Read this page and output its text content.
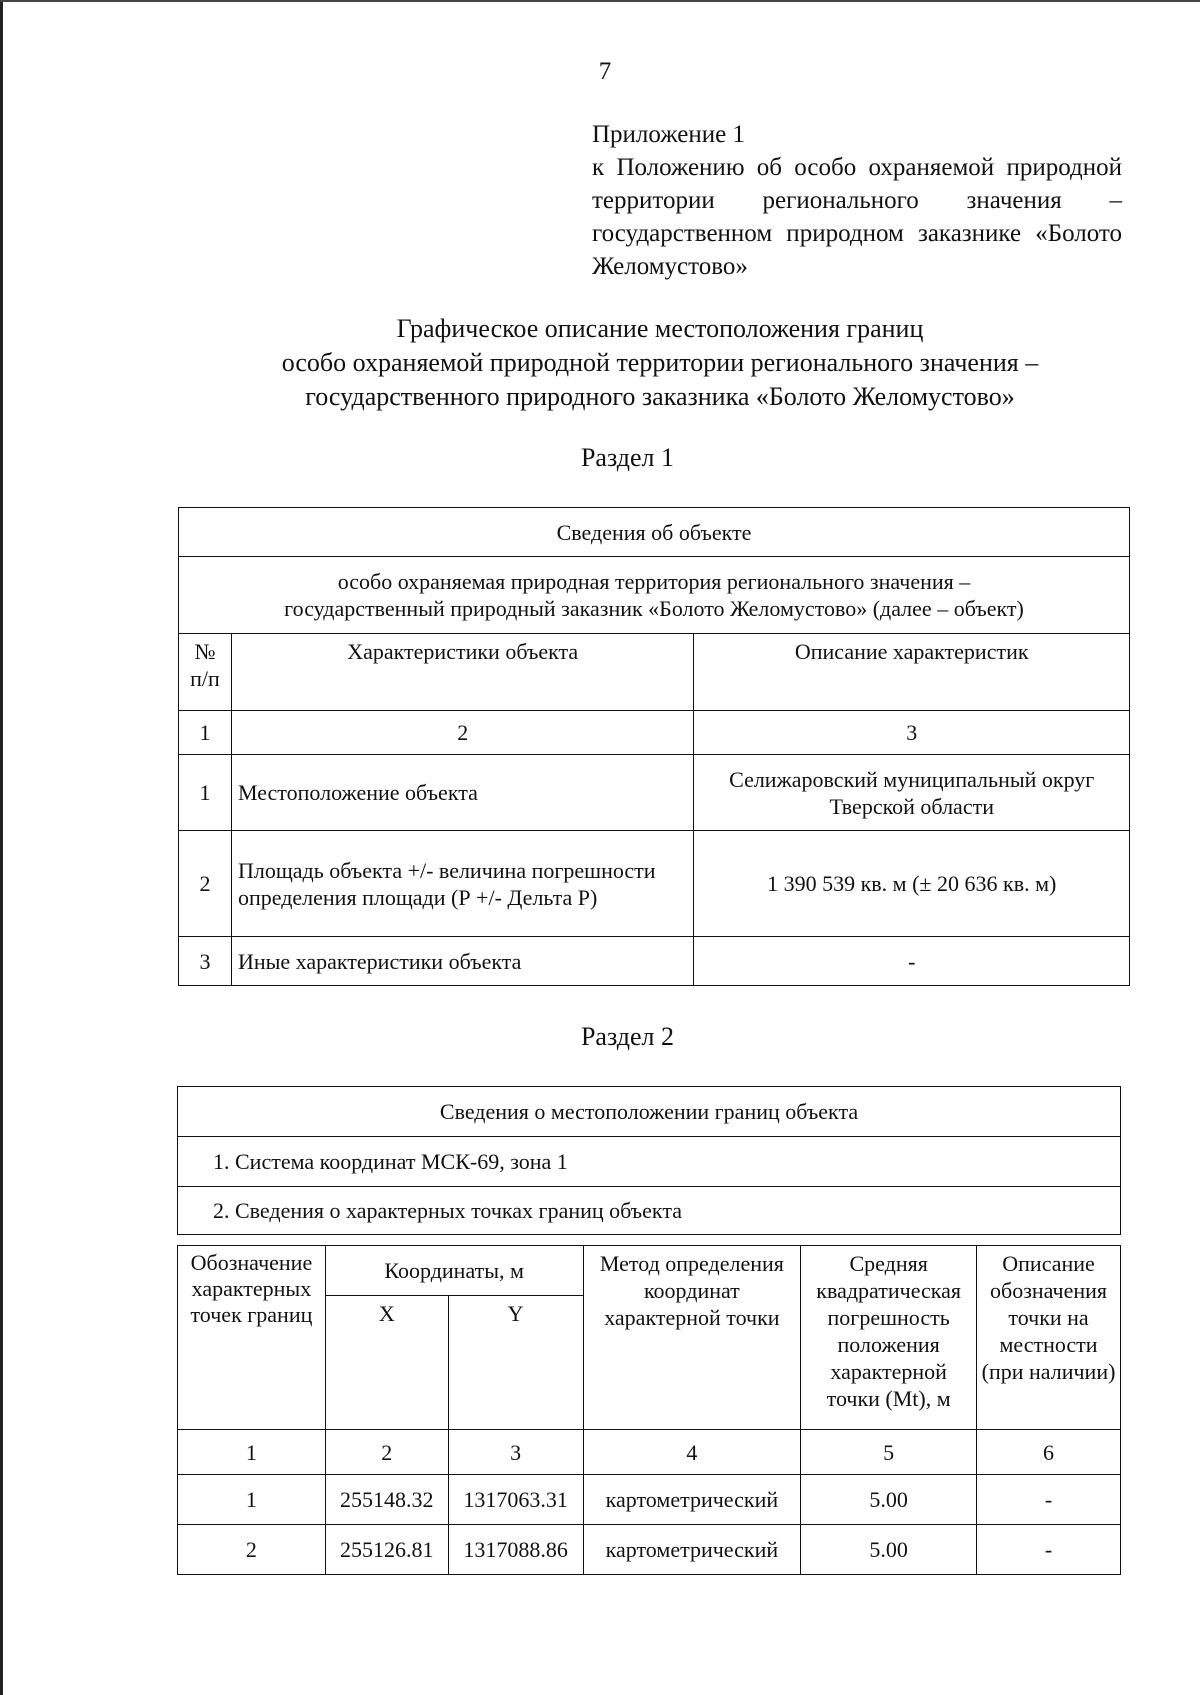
7
Приложение 1
к Положению об особо охраняемой природной территории регионального значения – государственном природном заказнике «Болото Желомустово»
Графическое описание местоположения границ
особо охраняемой природной территории регионального значения –
государственного природного заказника «Болото Желомустово»
Раздел 1
Сведения об объекте		

особо охраняемая природная территория регионального значения –
государственный природный заказник «Болото Желомустово» (далее – объект)		

№ п/п	Характеристики объекта	Описание характеристик
1	2	3
1	Местоположение объекта	Селижаровский муниципальный округ Тверской области
2	Площадь объекта +/- величина погрешности определения площади (Р +/- Дельта Р)	1 390 539 кв. м (± 20 636 кв. м)
3	Иные характеристики объекта	-
Раздел 2
Сведения о местоположении границ объекта
1. Система координат МСК-69, зона 1
2. Сведения о характерных точках границ объекта
Обозначение характерных точек границ	Координаты, м		Метод определения координат характерной точки	Средняя квадратическая погрешность положения характерной точки (Mt), м	Описание обозначения точки на местности (при наличии)
	X	Y			
1	2	3	4	5	6
1	255148.32	1317063.31	картометрический	5.00	-
2	255126.81	1317088.86	картометрический	5.00	-
